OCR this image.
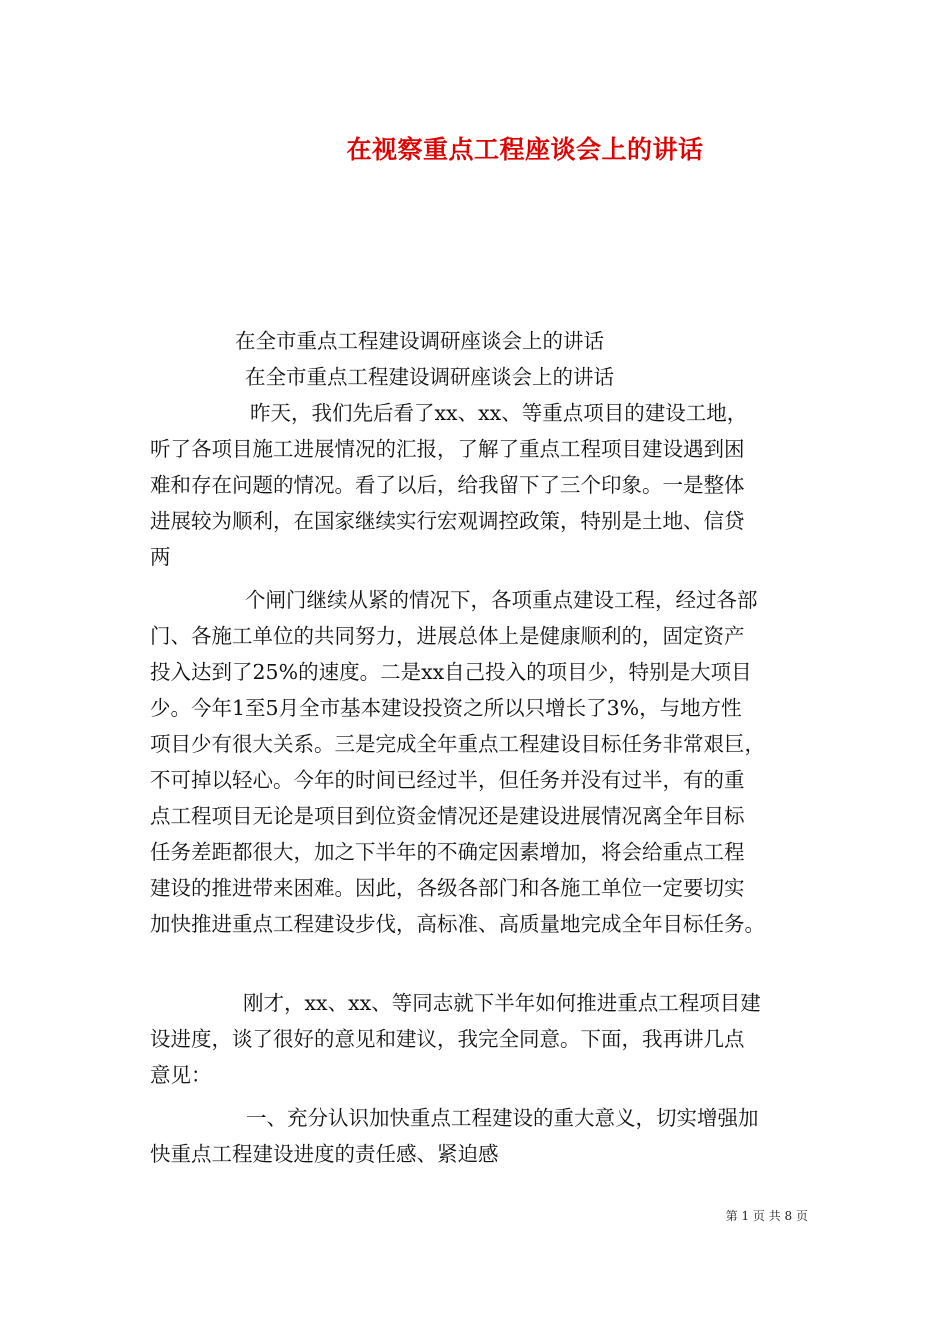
在视察重点工程座谈会上的讲话
在全市重点工程建设调研座谈会上的讲话
在全市重点工程建设调研座谈会上的讲话
昨天，我们先后看了xx、xx、等重点项目的建设工地，
听了各项目施工进展情况的汇报，了解了重点工程项目建设遇到困
难和存在问题的情况。看了以后，给我留下了三个印象。一是整体
进展较为顺利，在国家继续实行宏观调控政策，特别是土地、信贷
两
个闸门继续从紧的情况下，各项重点建设工程，经过各部
门、各施工单位的共同努力，进展总体上是健康顺利的，固定资产
投入达到了25%的速度。二是xx自己投入的项目少，特别是大项目
少。今年1至5月全市基本建设投资之所以只增长了3%，与地方性
项目少有很大关系。三是完成全年重点工程建设目标任务非常艰巨，
不可掉以轻心。今年的时间已经过半，但任务并没有过半，有的重
点工程项目无论是项目到位资金情况还是建设进展情况离全年目标
任务差距都很大，加之下半年的不确定因素增加，将会给重点工程
建设的推进带来困难。因此，各级各部门和各施工单位一定要切实
加快推进重点工程建设步伐，高标准、高质量地完成全年目标任务。
刚才，xx、xx、等同志就下半年如何推进重点工程项目建
设进度，谈了很好的意见和建议，我完全同意。下面，我再讲几点
意见：
一、充分认识加快重点工程建设的重大意义，切实增强加
快重点工程建设进度的责任感、紧迫感
第 1 页 共 8 页
